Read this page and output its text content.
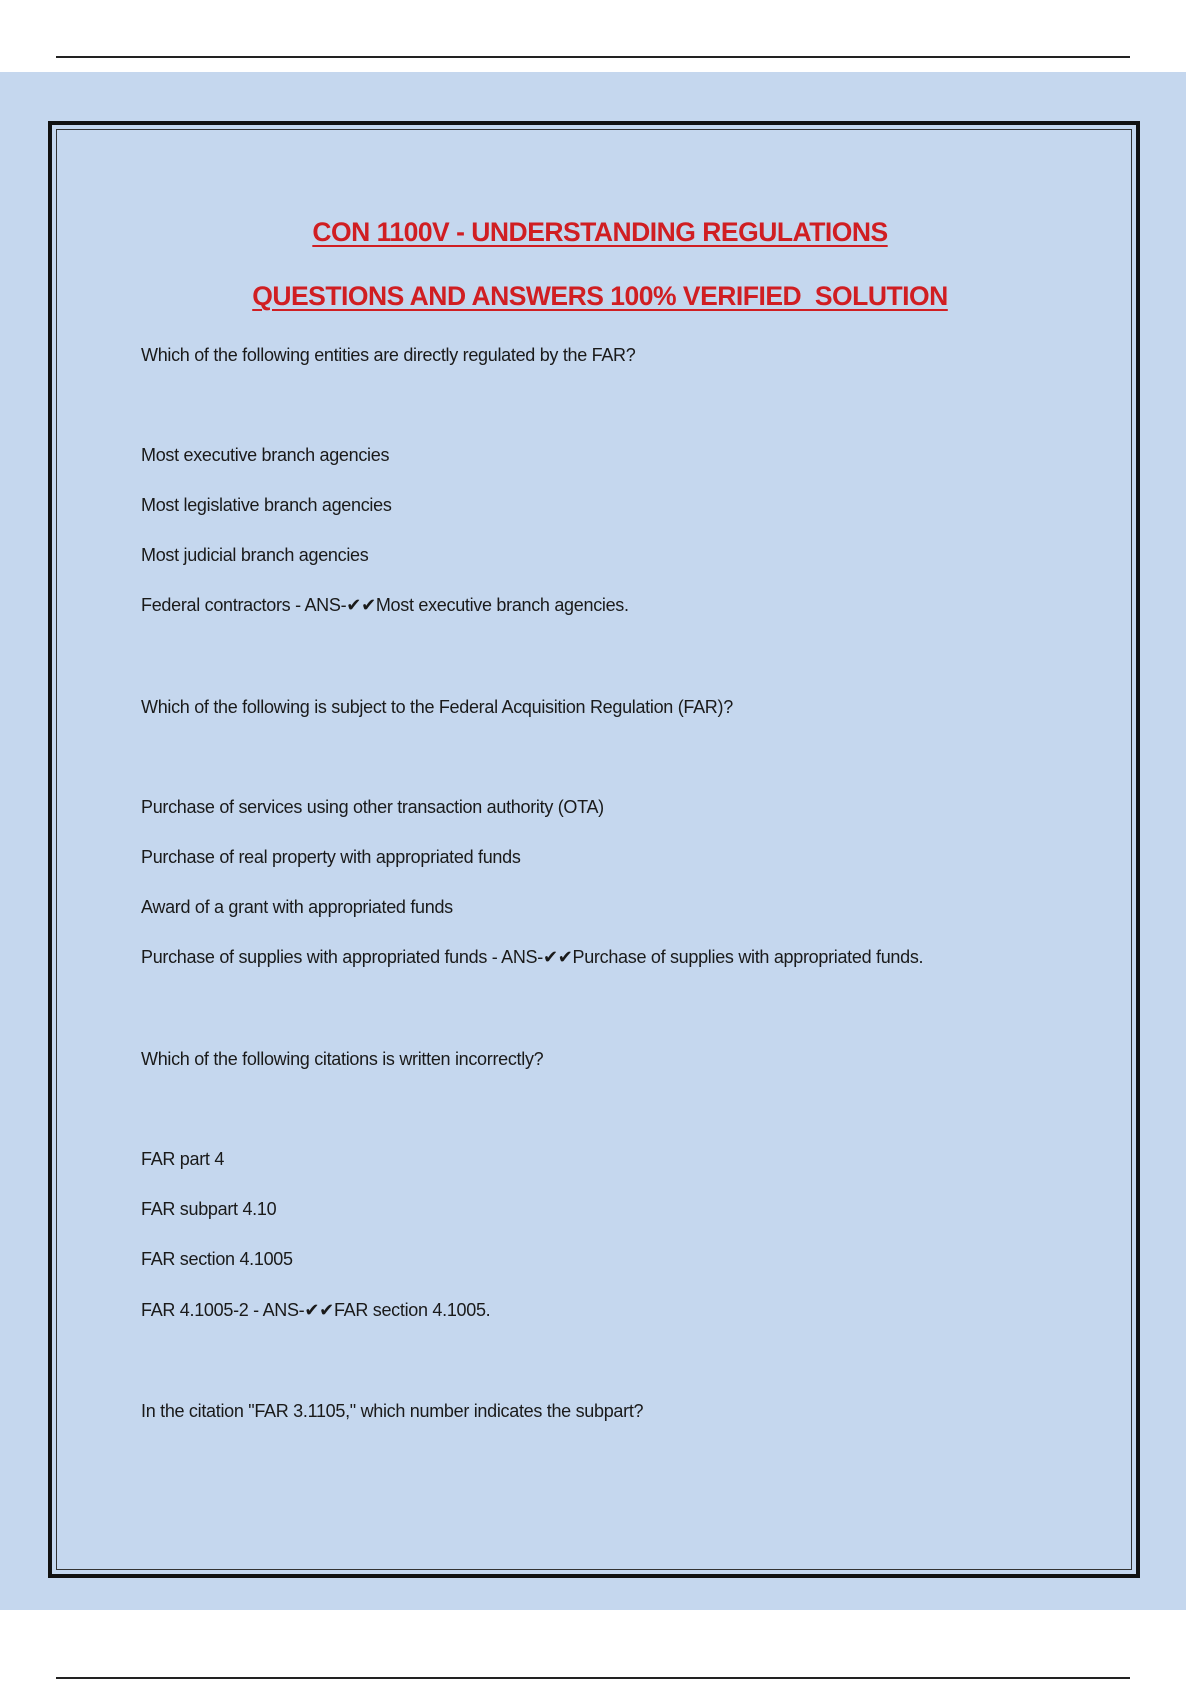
CON 1100V - UNDERSTANDING REGULATIONS
QUESTIONS AND ANSWERS 100% VERIFIED  SOLUTION
Which of the following entities are directly regulated by the FAR?
Most executive branch agencies
Most legislative branch agencies
Most judicial branch agencies
Federal contractors - ANS-✔✔Most executive branch agencies.
Which of the following is subject to the Federal Acquisition Regulation (FAR)?
Purchase of services using other transaction authority (OTA)
Purchase of real property with appropriated funds
Award of a grant with appropriated funds
Purchase of supplies with appropriated funds - ANS-✔✔Purchase of supplies with appropriated funds.
Which of the following citations is written incorrectly?
FAR part 4
FAR subpart 4.10
FAR section 4.1005
FAR 4.1005-2 - ANS-✔✔FAR section 4.1005.
In the citation "FAR 3.1105," which number indicates the subpart?
